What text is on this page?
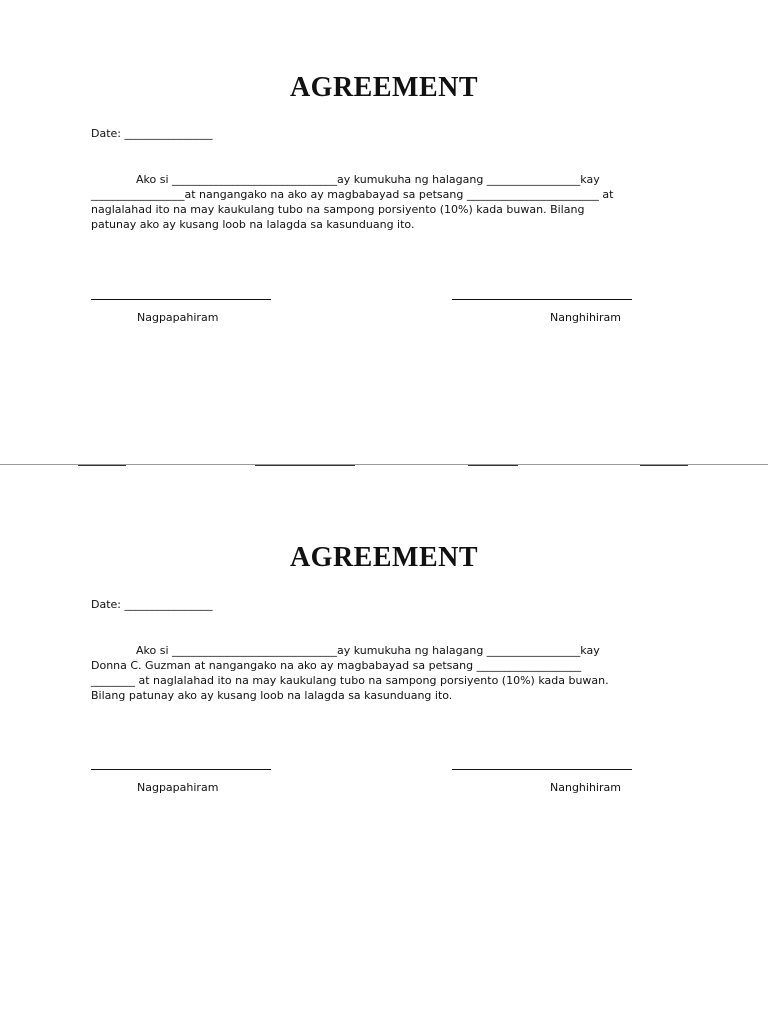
AGREEMENT
Date: ________________
Ako si ______________________________ay kumukuha ng halagang _________________kay
_________________at nangangako na ako ay magbabayad sa petsang ________________________ at
naglalahad ito na may kaukulang tubo na sampong porsiyento (10%) kada buwan. Bilang
patunay ako ay kusang loob na lalagda sa kasunduang ito.
Nagpapahiram	Nanghihiram
AGREEMENT
Date: ________________
Ako si ______________________________ay kumukuha ng halagang _________________kay
Donna C. Guzman at nangangako na ako ay magbabayad sa petsang ___________________
________ at naglalahad ito na may kaukulang tubo na sampong porsiyento (10%) kada buwan.
Bilang patunay ako ay kusang loob na lalagda sa kasunduang ito.
Nagpapahiram	Nanghihiram
